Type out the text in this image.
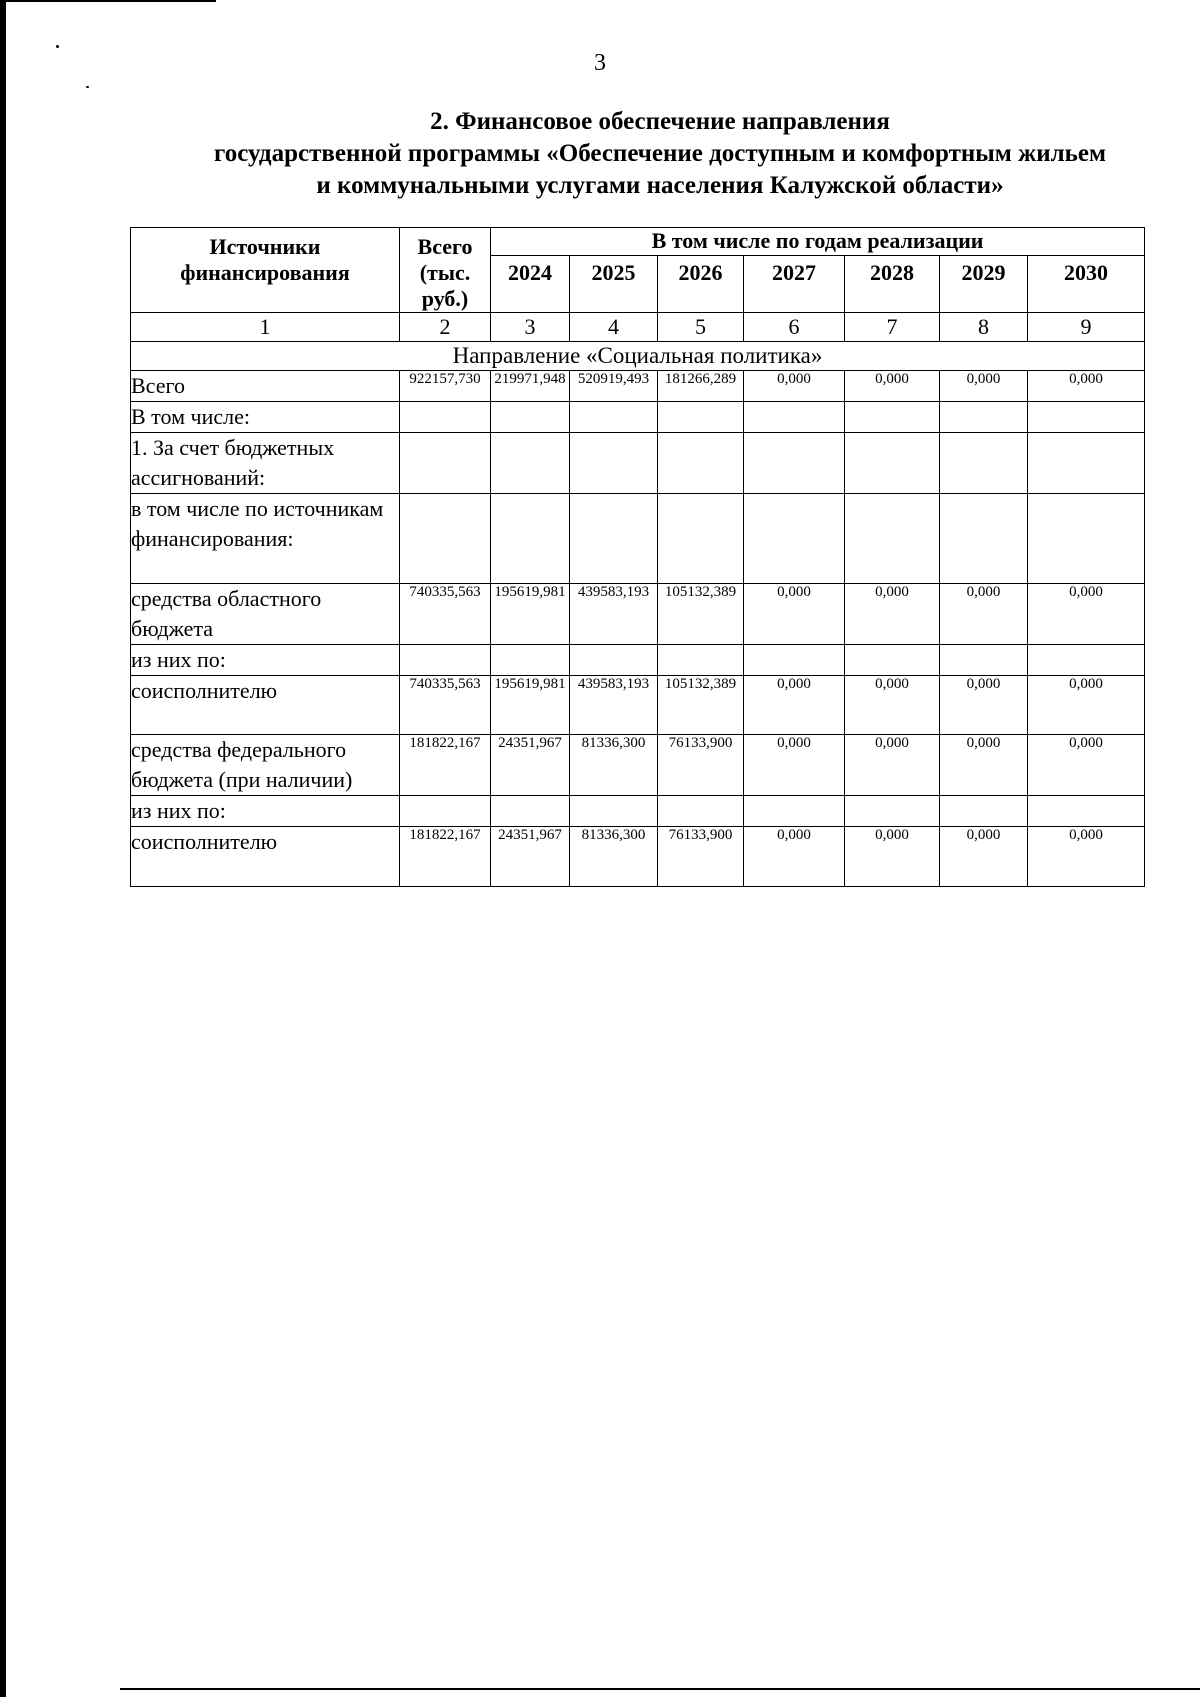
3
2. Финансовое обеспечение направления
государственной программы «Обеспечение доступным и комфортным жильем
и коммунальными услугами населения Калужской области»
Источники финансирования	Всего (тыс. руб.)	В том числе по годам реализации						
		2024	2025	2026	2027	2028	2029	2030
1	2	3	4	5	6	7	8	9
Направление «Социальная политика»								
Всего	922157,730	219971,948	520919,493	181266,289	0,000	0,000	0,000	0,000
В том числе:								
1. За счет бюджетных ассигнований:								
в том числе по источникам финансирования:								
средства областного бюджета	740335,563	195619,981	439583,193	105132,389	0,000	0,000	0,000	0,000
из них по:								
соисполнителю	740335,563	195619,981	439583,193	105132,389	0,000	0,000	0,000	0,000
средства федерального бюджета (при наличии)	181822,167	24351,967	81336,300	76133,900	0,000	0,000	0,000	0,000
из них по:								
соисполнителю	181822,167	24351,967	81336,300	76133,900	0,000	0,000	0,000	0,000
